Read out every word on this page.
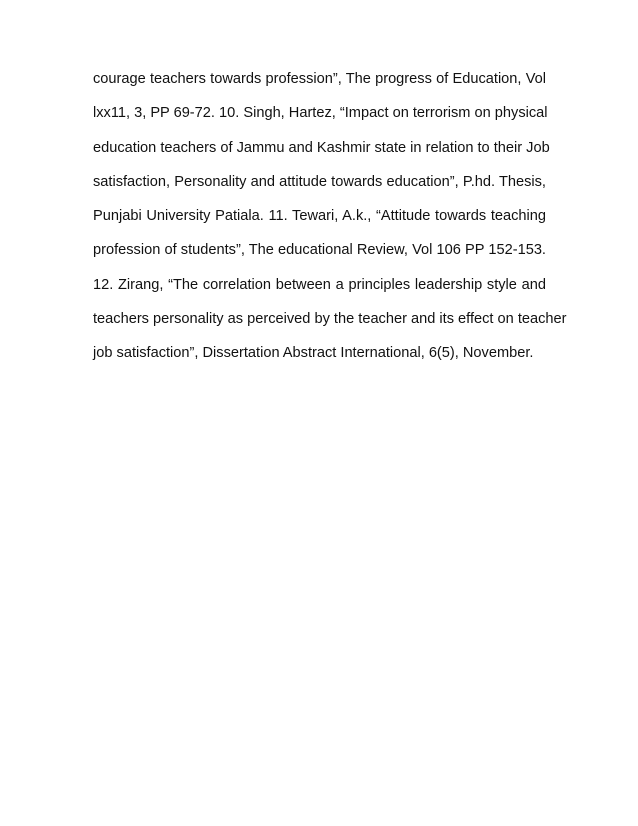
courage teachers towards profession”, The progress of Education, Vol
lxx11, 3, PP 69-72. 10. Singh, Hartez, “Impact on terrorism on physical
education teachers of Jammu and Kashmir state in relation to their Job
satisfaction, Personality and attitude towards education”, P.hd. Thesis,
Punjabi University Patiala. 11. Tewari, A.k., “Attitude towards teaching
profession of students”, The educational Review, Vol 106 PP 152-153.
12. Zirang, “The correlation between a principles leadership style and
teachers personality as perceived by the teacher and its effect on teacher
job satisfaction”, Dissertation Abstract International, 6(5), November.
